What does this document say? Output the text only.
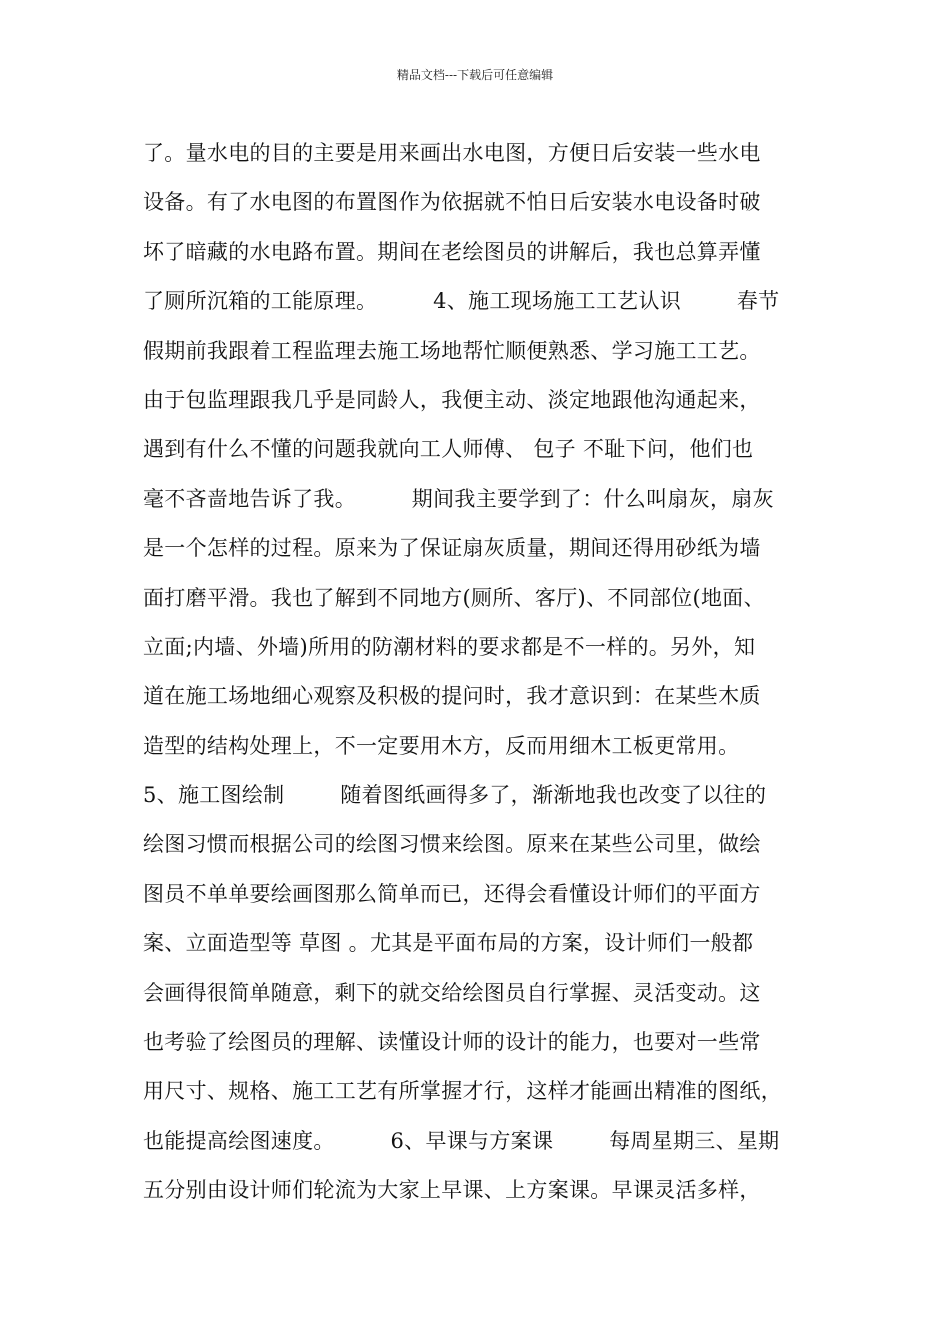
精品文档---下载后可任意编辑
了。量水电的目的主要是用来画出水电图，方便日后安装一些水电
设备。有了水电图的布置图作为依据就不怕日后安装水电设备时破
坏了暗藏的水电路布置。期间在老绘图员的讲解后，我也总算弄懂
了厕所沉箱的工能原理。        4、施工现场施工工艺认识        春节
假期前我跟着工程监理去施工场地帮忙顺便熟悉、学习施工工艺。
由于包监理跟我几乎是同龄人，我便主动、淡定地跟他沟通起来，
遇到有什么不懂的问题我就向工人师傅、 包子 不耻下问，他们也
毫不吝啬地告诉了我。        期间我主要学到了：什么叫扇灰，扇灰
是一个怎样的过程。原来为了保证扇灰质量，期间还得用砂纸为墙
面打磨平滑。我也了解到不同地方(厕所、客厅)、不同部位(地面、
立面;内墙、外墙)所用的防潮材料的要求都是不一样的。另外，知
道在施工场地细心观察及积极的提问时，我才意识到：在某些木质
造型的结构处理上，不一定要用木方，反而用细木工板更常用。
5、施工图绘制        随着图纸画得多了，渐渐地我也改变了以往的
绘图习惯而根据公司的绘图习惯来绘图。原来在某些公司里，做绘
图员不单单要绘画图那么简单而已，还得会看懂设计师们的平面方
案、立面造型等 草图 。尤其是平面布局的方案，设计师们一般都
会画得很简单随意，剩下的就交给绘图员自行掌握、灵活变动。这
也考验了绘图员的理解、读懂设计师的设计的能力，也要对一些常
用尺寸、规格、施工工艺有所掌握才行，这样才能画出精准的图纸，
也能提高绘图速度。        6、早课与方案课        每周星期三、星期
五分别由设计师们轮流为大家上早课、上方案课。早课灵活多样，
